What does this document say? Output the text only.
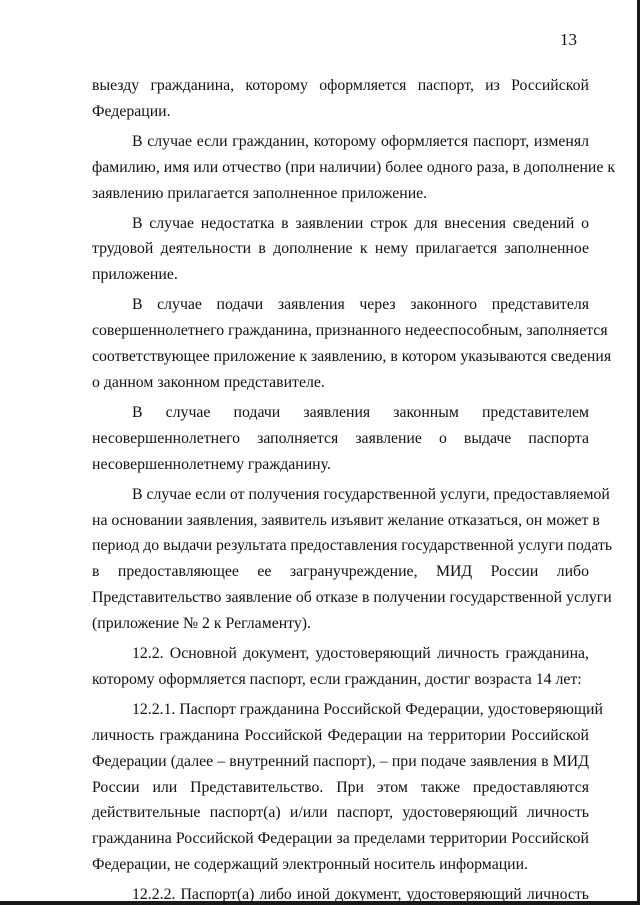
13
выезду гражданина, которому оформляется паспорт, из Российской
Федерации.
В случае если гражданин, которому оформляется паспорт, изменял
фамилию, имя или отчество (при наличии) более одного раза, в дополнение к
заявлению прилагается заполненное приложение.
В случае недостатка в заявлении строк для внесения сведений о
трудовой деятельности в дополнение к нему прилагается заполненное
приложение.
В случае подачи заявления через законного представителя
совершеннолетнего гражданина, признанного недееспособным, заполняется
соответствующее приложение к заявлению, в котором указываются сведения
о данном законном представителе.
В случае подачи заявления законным представителем
несовершеннолетнего заполняется заявление о выдаче паспорта
несовершеннолетнему гражданину.
В случае если от получения государственной услуги, предоставляемой
на основании заявления, заявитель изъявит желание отказаться, он может в
период до выдачи результата предоставления государственной услуги подать
в предоставляющее ее загранучреждение, МИД России либо
Представительство заявление об отказе в получении государственной услуги
(приложение № 2 к Регламенту).
12.2. Основной документ, удостоверяющий личность гражданина,
которому оформляется паспорт, если гражданин, достиг возраста 14 лет:
12.2.1. Паспорт гражданина Российской Федерации, удостоверяющий
личность гражданина Российской Федерации на территории Российской
Федерации (далее – внутренний паспорт), – при подаче заявления в МИД
России или Представительство. При этом также предоставляются
действительные паспорт(а) и/или паспорт, удостоверяющий личность
гражданина Российской Федерации за пределами территории Российской
Федерации, не содержащий электронный носитель информации.
12.2.2. Паспорт(а) либо иной документ, удостоверяющий личность
